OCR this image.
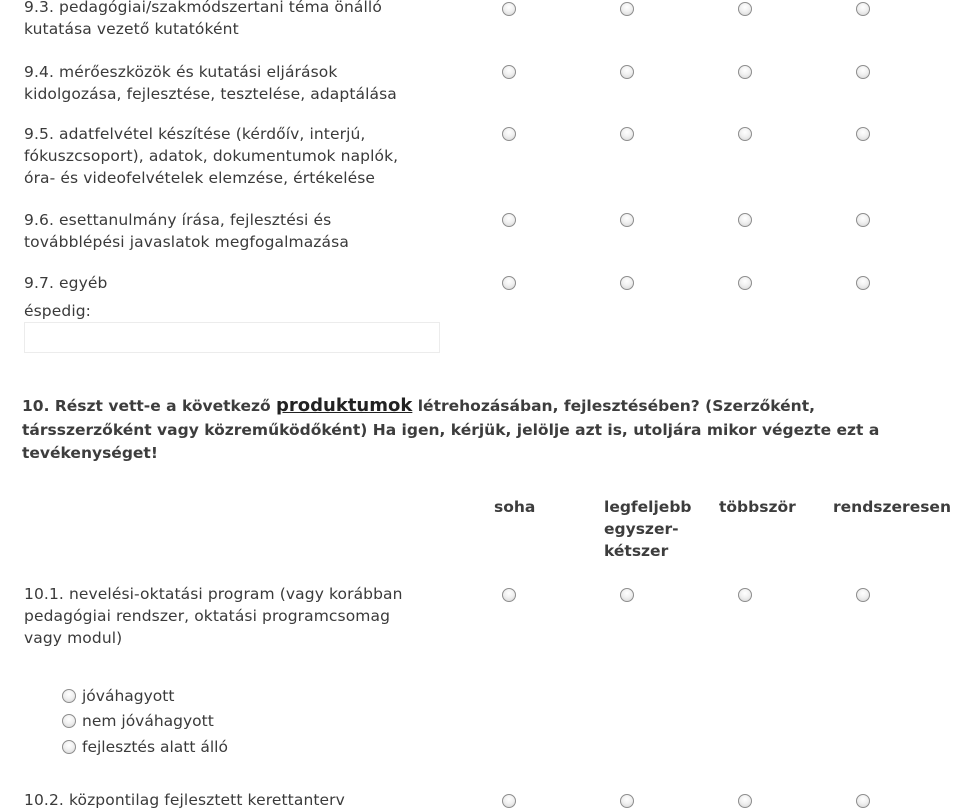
9.3. pedagógiai/szakmódszertani téma önálló
kutatása vezető kutatóként
9.4. mérőeszközök és kutatási eljárások
kidolgozása, fejlesztése, tesztelése, adaptálása
9.5. adatfelvétel készítése (kérdőív, interjú,
fókuszcsoport), adatok, dokumentumok naplók,
óra- és videofelvételek elemzése, értékelése
9.6. esettanulmány írása, fejlesztési és
továbblépési javaslatok megfogalmazása
9.7. egyéb
éspedig:
10. Részt vett-e a következő produktumok létrehozásában, fejlesztésében? (Szerzőként, társszerzőként vagy közreműködőként) Ha igen, kérjük, jelölje azt is, utoljára mikor végezte ezt a tevékenységet!
soha	legfeljebb
egyszer-
kétszer
többször rendszeresen
10.1. nevelési-oktatási program (vagy korábban
pedagógiai rendszer, oktatási programcsomag
vagy modul)
jóváhagyott
nem jóváhagyott
fejlesztés alatt álló
10.2. központilag fejlesztett kerettanterv
